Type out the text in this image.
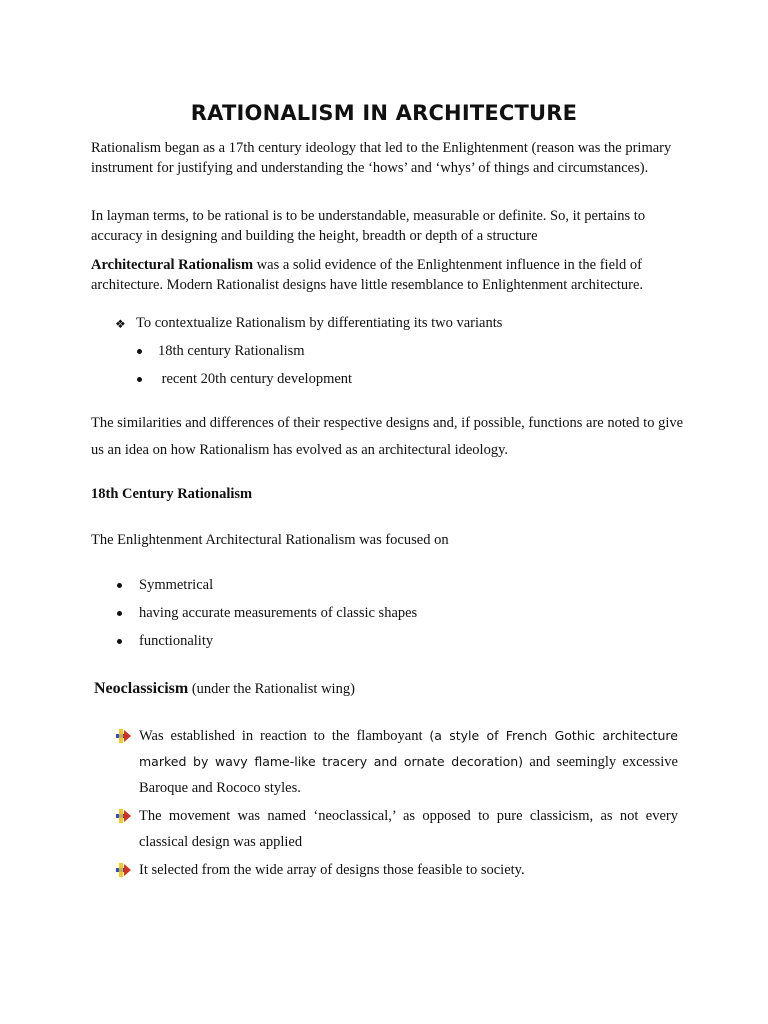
RATIONALISM IN ARCHITECTURE

Rationalism began as a 17th century ideology that led to the Enlightenment (reason was the primary instrument for justifying and understanding the ‘hows’ and ‘whys’ of things and circumstances).

In layman terms, to be rational is to be understandable, measurable or definite. So, it pertains to accuracy in designing and building the height, breadth or depth of a structure

Architectural Rationalism was a solid evidence of the Enlightenment influence in the field of architecture. Modern Rationalist designs have little resemblance to Enlightenment architecture.

❖ To contextualize Rationalism by differentiating its two variants

18th century Rationalism

recent 20th century development

The similarities and differences of their respective designs and, if possible, functions are noted to give us an idea on how Rationalism has evolved as an architectural ideology.

18th Century Rationalism

The Enlightenment Architectural Rationalism was focused on

Symmetrical

having accurate measurements of classic shapes

functionality

Neoclassicism (under the Rationalist wing)

Was established in reaction to the flamboyant (a style of French Gothic architecture marked by wavy flame-like tracery and ornate decoration) and seemingly excessive Baroque and Rococo styles.

The movement was named ‘neoclassical,’ as opposed to pure classicism, as not every classical design was applied

It selected from the wide array of designs those feasible to society.
